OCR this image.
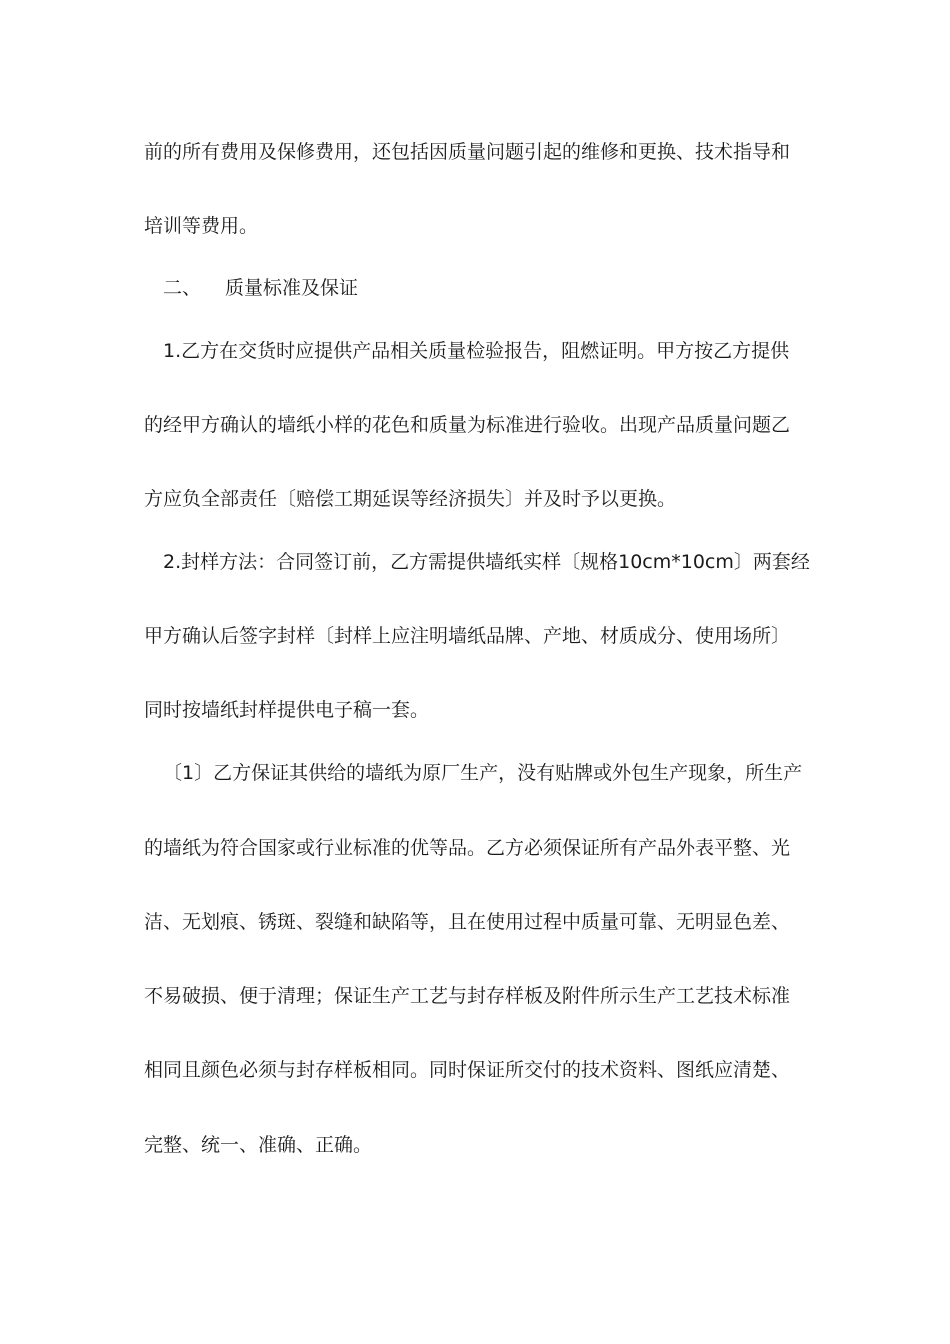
前的所有费用及保修费用，还包括因质量问题引起的维修和更换、技术指导和
培训等费用。
二、 质量标准及保证
1.乙方在交货时应提供产品相关质量检验报告，阻燃证明。甲方按乙方提供
的经甲方确认的墙纸小样的花色和质量为标准进行验收。出现产品质量问题乙
方应负全部责任〔赔偿工期延误等经济损失〕并及时予以更换。
2.封样方法：合同签订前，乙方需提供墙纸实样〔规格10cm*10cm〕两套经
甲方确认后签字封样〔封样上应注明墙纸品牌、产地、材质成分、使用场所〕
同时按墙纸封样提供电子稿一套。
〔1〕乙方保证其供给的墙纸为原厂生产，没有贴牌或外包生产现象，所生产
的墙纸为符合国家或行业标准的优等品。乙方必须保证所有产品外表平整、光
洁、无划痕、锈斑、裂缝和缺陷等，且在使用过程中质量可靠、无明显色差、
不易破损、便于清理；保证生产工艺与封存样板及附件所示生产工艺技术标准
相同且颜色必须与封存样板相同。同时保证所交付的技术资料、图纸应清楚、
完整、统一、准确、正确。
